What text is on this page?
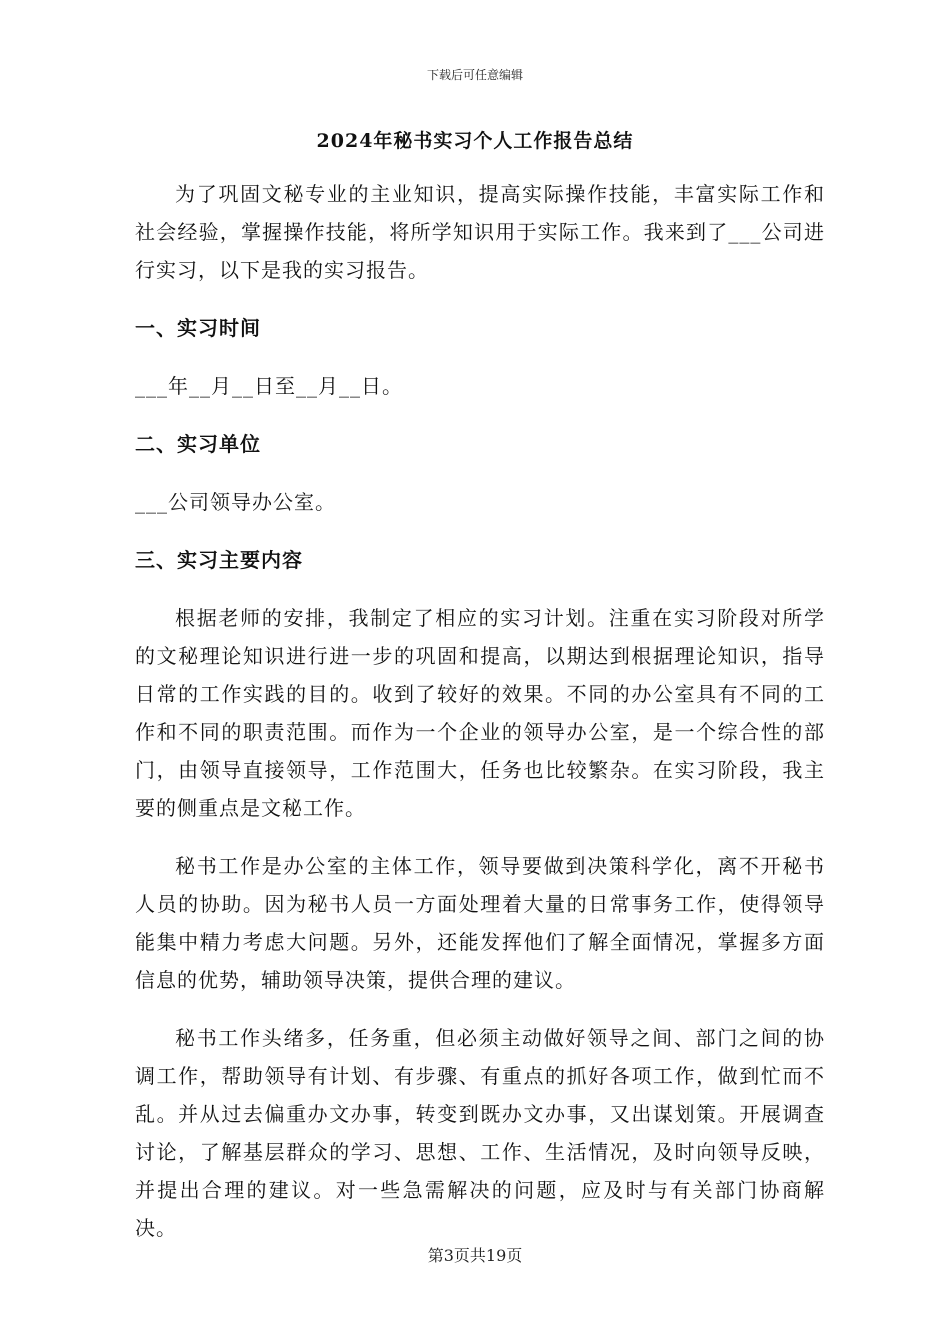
下载后可任意编辑
2024年秘书实习个人工作报告总结

为了巩固文秘专业的主业知识，提高实际操作技能，丰富实际工作和社会经验，掌握操作技能，将所学知识用于实际工作。我来到了___公司进行实习，以下是我的实习报告。

一、实习时间

___年__月__日至__月__日。

二、实习单位

___公司领导办公室。

三、实习主要内容

根据老师的安排，我制定了相应的实习计划。注重在实习阶段对所学的文秘理论知识进行进一步的巩固和提高，以期达到根据理论知识，指导日常的工作实践的目的。收到了较好的效果。不同的办公室具有不同的工作和不同的职责范围。而作为一个企业的领导办公室，是一个综合性的部门，由领导直接领导，工作范围大，任务也比较繁杂。在实习阶段，我主要的侧重点是文秘工作。

秘书工作是办公室的主体工作，领导要做到决策科学化，离不开秘书人员的协助。因为秘书人员一方面处理着大量的日常事务工作，使得领导能集中精力考虑大问题。另外，还能发挥他们了解全面情况，掌握多方面信息的优势，辅助领导决策，提供合理的建议。

秘书工作头绪多，任务重，但必须主动做好领导之间、部门之间的协调工作，帮助领导有计划、有步骤、有重点的抓好各项工作，做到忙而不乱。并从过去偏重办文办事，转变到既办文办事，又出谋划策。开展调查讨论，了解基层群众的学习、思想、工作、生活情况，及时向领导反映，并提出合理的建议。对一些急需解决的问题，应及时与有关部门协商解决。

第3页共19页
